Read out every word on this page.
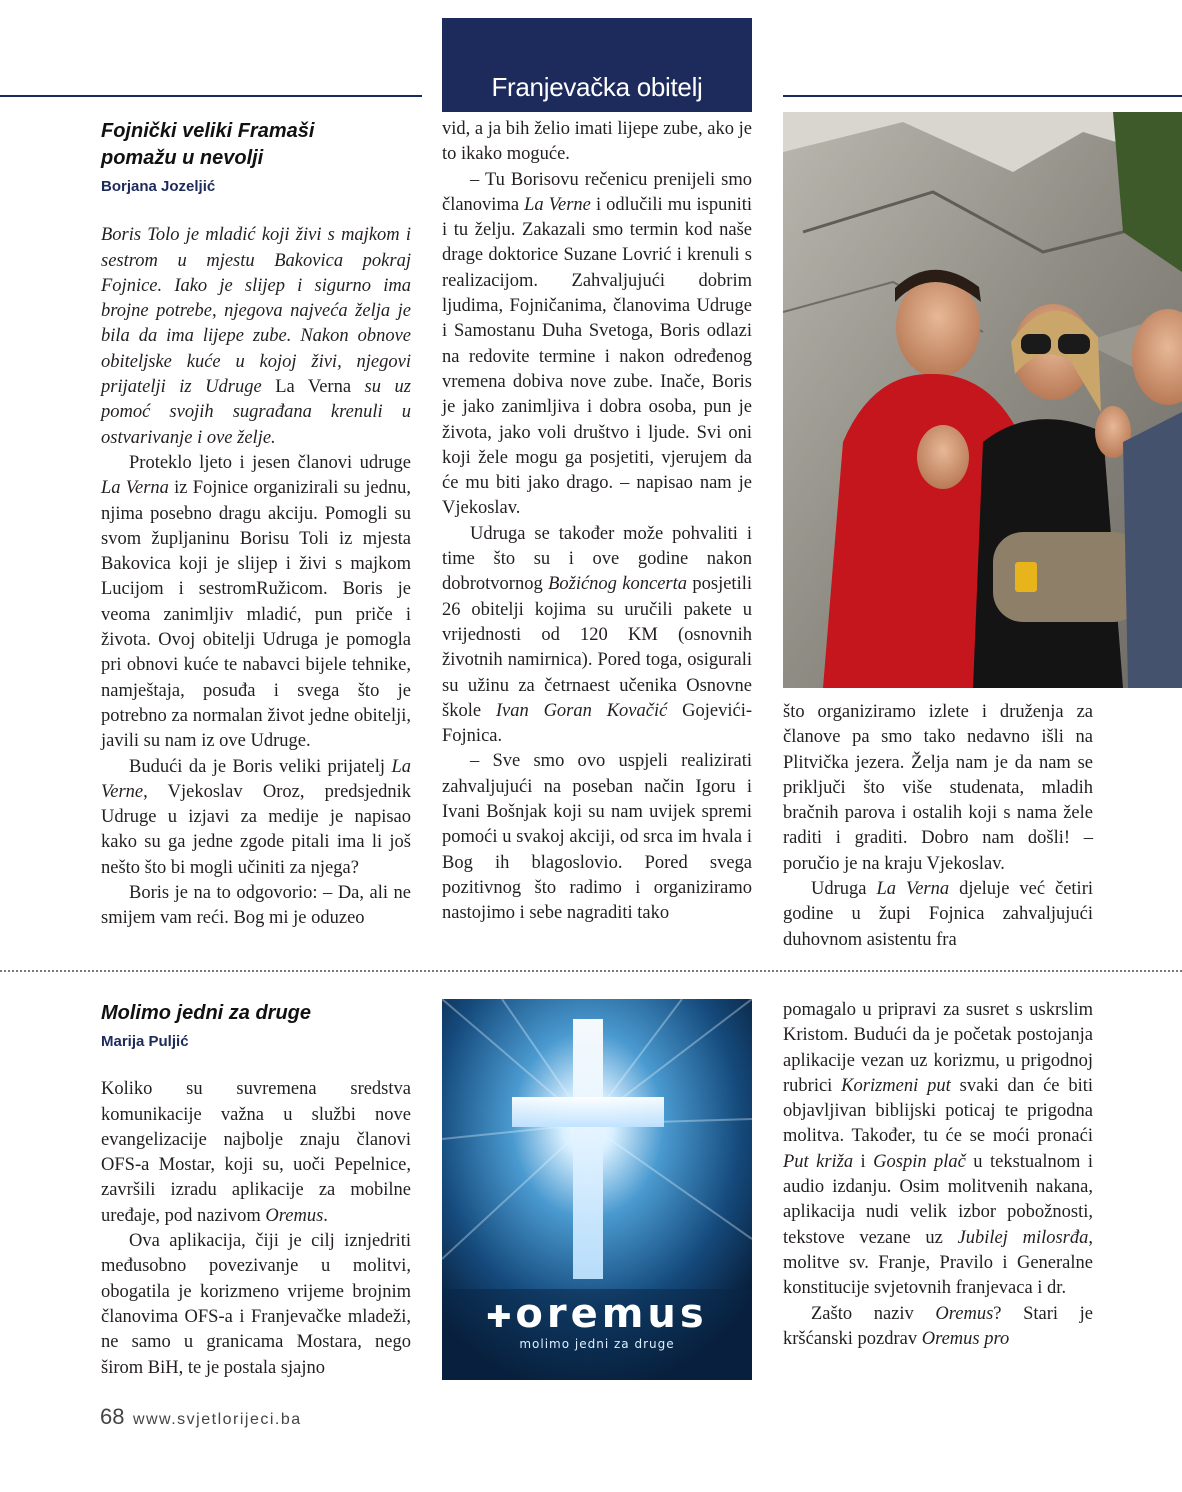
Franjevačka obitelj
Fojnički veliki Framaši
pomažu u nevolji
Borjana Jozeljić

Boris Tolo je mladić koji živi s majkom i sestrom u mjestu Bakovica pokraj Fojnice. Iako je slijep i sigurno ima brojne potrebe, njegova najveća želja je bila da ima lijepe zube. Nakon obnove obiteljske kuće u kojoj živi, njegovi prijatelji iz Udruge La Verna su uz pomoć svojih sugrađana krenuli u ostvarivanje i ove želje.

Proteklo ljeto i jesen članovi udruge La Verna iz Fojnice organizirali su jednu, njima posebno dragu akciju. Pomogli su svom župljaninu Borisu Toli iz mjesta Bakovica koji je slijep i živi s majkom Lucijom i sestromRužicom. Boris je veoma zanimljiv mladić, pun priče i života. Ovoj obitelji Udruga je pomogla pri obnovi kuće te nabavci bijele tehnike, namještaja, posuđa i svega što je potrebno za normalan život jedne obitelji, javili su nam iz ove Udruge.

Budući da je Boris veliki prijatelj La Verne, Vjekoslav Oroz, predsjednik Udruge u izjavi za medije je napisao kako su ga jedne zgode pitali ima li još nešto što bi mogli učiniti za njega?

Boris je na to odgovorio: – Da, ali ne smijem vam reći. Bog mi je oduzeo

vid, a ja bih želio imati lijepe zube, ako je to ikako moguće.

– Tu Borisovu rečenicu prenijeli smo članovima La Verne i odlučili mu ispuniti i tu želju. Zakazali smo termin kod naše drage doktorice Suzane Lovrić i krenuli s realizacijom. Zahvaljujući dobrim ljudima, Fojničanima, članovima Udruge i Samostanu Duha Svetoga, Boris odlazi na redovite termine i nakon određenog vremena dobiva nove zube. Inače, Boris je jako zanimljiva i dobra osoba, pun je života, jako voli društvo i ljude. Svi oni koji žele mogu ga posjetiti, vjerujem da će mu biti jako drago. – napisao nam je Vjekoslav.

Udruga se također može pohvaliti i time što su i ove godine nakon dobrotvornog Božićnog koncerta posjetili 26 obitelji kojima su uručili pakete u vrijednosti od 120 KM (osnovnih životnih namirnica). Pored toga, osigurali su užinu za četrnaest učenika Osnovne škole Ivan Goran Kovačić Gojevići-Fojnica.

– Sve smo ovo uspjeli realizirati zahvaljujući na poseban način Igoru i Ivani Bošnjak koji su nam uvijek spremi pomoći u svakoj akciji, od srca im hvala i Bog ih blagoslovio. Pored svega pozitivnog što radimo i organiziramo nastojimo i sebe nagraditi tako

što organiziramo izlete i druženja za članove pa smo tako nedavno išli na Plitvička jezera. Želja nam je da nam se priključi što više studenata, mladih bračnih parova i ostalih koji s nama žele raditi i graditi. Dobro nam došli! – poručio je na kraju Vjekoslav.

Udruga La Verna djeluje već četiri godine u župi Fojnica zahvaljujući duhovnom asistentu fra

Molimo jedni za druge
Marija Puljić

Koliko su suvremena sredstva komunikacije važna u službi nove evangelizacije najbolje znaju članovi OFS-a Mostar, koji su, uoči Pepelnice, završili izradu aplikacije za mobilne uređaje, pod nazivom Oremus.

Ova aplikacija, čiji je cilj iznjedriti međusobno povezivanje u molitvi, obogatila je korizmeno vrijeme brojnim članovima OFS-a i Franjevačke mladeži, ne samo u granicama Mostara, nego širom BiH, te je postala sjajno

✚oremus
molimo jedni za druge

pomagalo u pripravi za susret s uskrslim Kristom. Budući da je početak postojanja aplikacije vezan uz korizmu, u prigodnoj rubrici Korizmeni put svaki dan će biti objavljivan biblijski poticaj te prigodna molitva. Također, tu će se moći pronaći Put križa i Gospin plač u tekstualnom i audio izdanju. Osim molitvenih nakana, aplikacija nudi velik izbor pobožnosti, tekstove vezane uz Jubilej milosrđa, molitve sv. Franje, Pravilo i Generalne konstitucije svjetovnih franjevaca i dr.

Zašto naziv Oremus? Stari je kršćanski pozdrav Oremus pro

68 www.svjetlorijeci.ba
